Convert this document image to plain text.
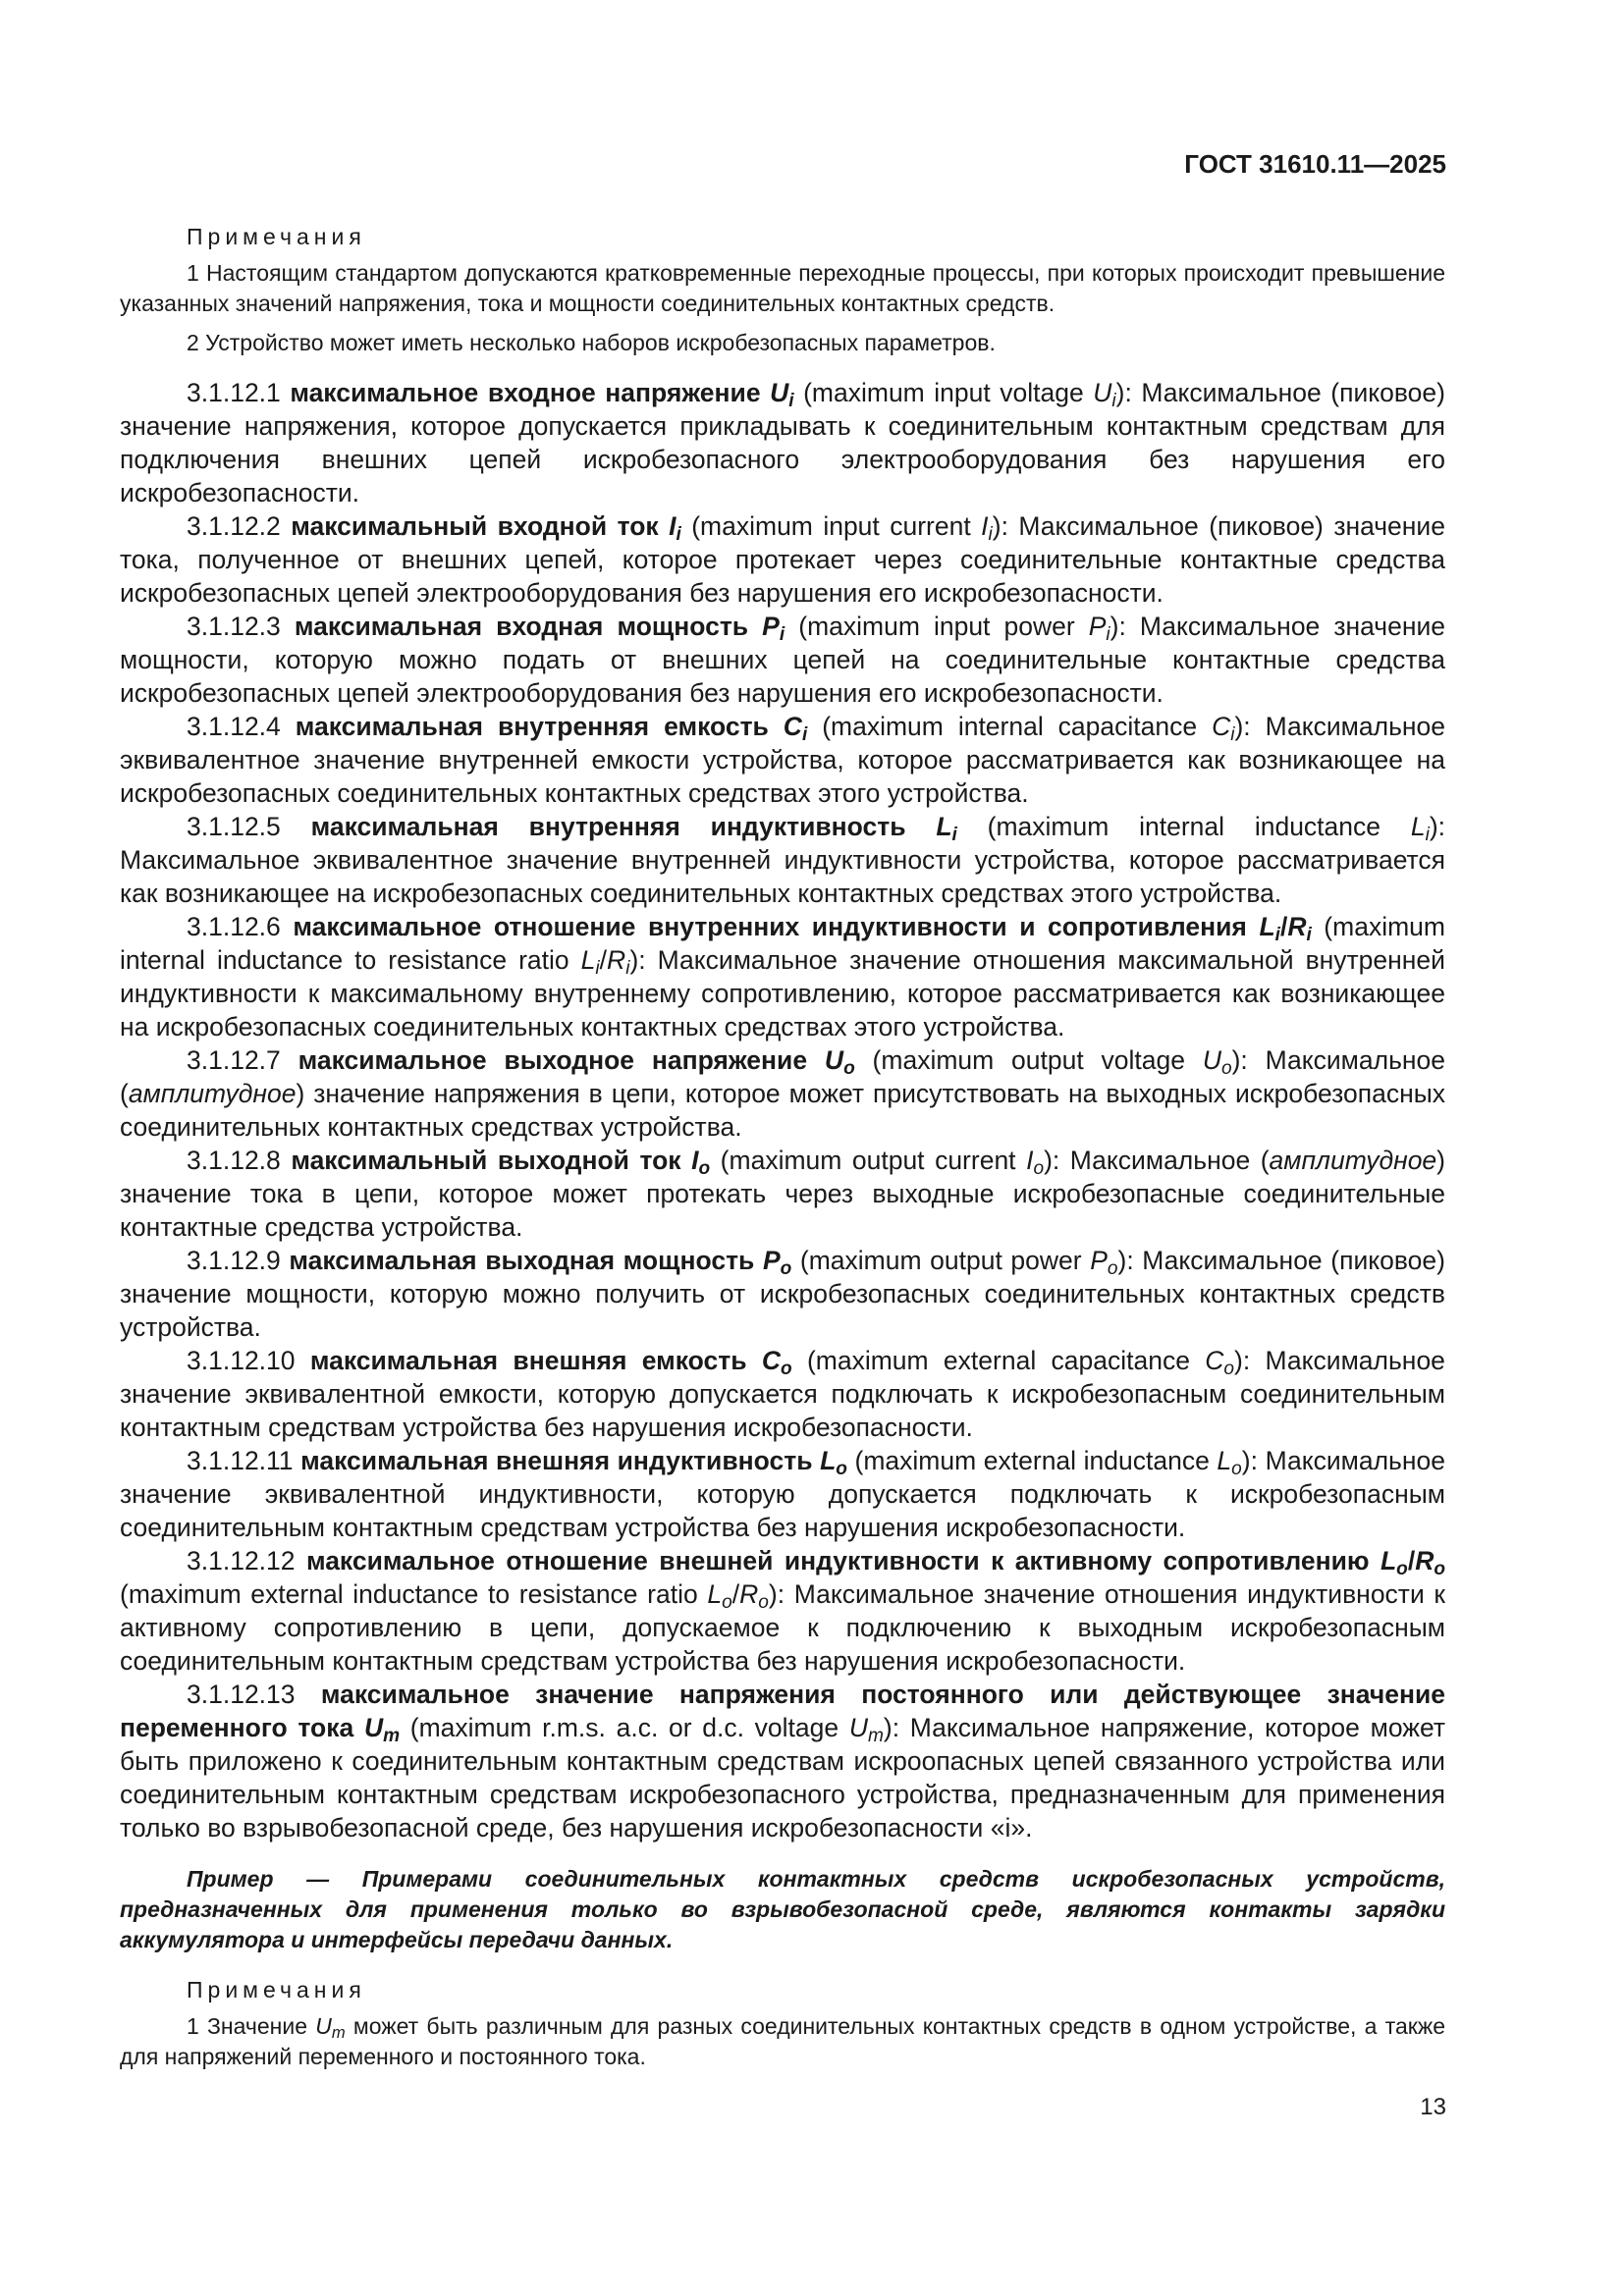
ГОСТ 31610.11—2025
Примечания

1 Настоящим стандартом допускаются кратковременные переходные процессы, при которых происходит превышение указанных значений напряжения, тока и мощности соединительных контактных средств.

2 Устройство может иметь несколько наборов искробезопасных параметров.

3.1.12.1 максимальное входное напряжение $U_i$ (maximum input voltage $U_i$): Максимальное (пиковое) значение напряжения, которое допускается прикладывать к соединительным контактным средствам для подключения внешних цепей искробезопасного электрооборудования без нарушения его искробезопасности.

3.1.12.2 максимальный входной ток $I_i$ (maximum input current $I_i$): Максимальное (пиковое) значение тока, полученное от внешних цепей, которое протекает через соединительные контактные средства искробезопасных цепей электрооборудования без нарушения его искробезопасности.

3.1.12.3 максимальная входная мощность $P_i$ (maximum input power $P_i$): Максимальное значение мощности, которую можно подать от внешних цепей на соединительные контактные средства искробезопасных цепей электрооборудования без нарушения его искробезопасности.

3.1.12.4 максимальная внутренняя емкость $C_i$ (maximum internal capacitance $C_i$): Максимальное эквивалентное значение внутренней емкости устройства, которое рассматривается как возникающее на искробезопасных соединительных контактных средствах этого устройства.

3.1.12.5 максимальная внутренняя индуктивность $L_i$ (maximum internal inductance $L_i$): Максимальное эквивалентное значение внутренней индуктивности устройства, которое рассматривается как возникающее на искробезопасных соединительных контактных средствах этого устройства.

3.1.12.6 максимальное отношение внутренних индуктивности и сопротивления $L_i/R_i$ (maximum internal inductance to resistance ratio $L_i/R_i$): Максимальное значение отношения максимальной внутренней индуктивности к максимальному внутреннему сопротивлению, которое рассматривается как возникающее на искробезопасных соединительных контактных средствах этого устройства.

3.1.12.7 максимальное выходное напряжение $U_o$ (maximum output voltage $U_o$): Максимальное (амплитудное) значение напряжения в цепи, которое может присутствовать на выходных искробезопасных соединительных контактных средствах устройства.

3.1.12.8 максимальный выходной ток $I_o$ (maximum output current $I_o$): Максимальное (амплитудное) значение тока в цепи, которое может протекать через выходные искробезопасные соединительные контактные средства устройства.

3.1.12.9 максимальная выходная мощность $P_o$ (maximum output power $P_o$): Максимальное (пиковое) значение мощности, которую можно получить от искробезопасных соединительных контактных средств устройства.

3.1.12.10 максимальная внешняя емкость $C_o$ (maximum external capacitance $C_o$): Максимальное значение эквивалентной емкости, которую допускается подключать к искробезопасным соединительным контактным средствам устройства без нарушения искробезопасности.

3.1.12.11 максимальная внешняя индуктивность $L_o$ (maximum external inductance $L_o$): Максимальное значение эквивалентной индуктивности, которую допускается подключать к искробезопасным соединительным контактным средствам устройства без нарушения искробезопасности.

3.1.12.12 максимальное отношение внешней индуктивности к активному сопротивлению $L_o/R_o$ (maximum external inductance to resistance ratio $L_o/R_o$): Максимальное значение отношения индуктивности к активному сопротивлению в цепи, допускаемое к подключению к выходным искробезопасным соединительным контактным средствам устройства без нарушения искробезопасности.

3.1.12.13 максимальное значение напряжения постоянного или действующее значение переменного тока $U_m$ (maximum r.m.s. a.c. or d.c. voltage $U_m$): Максимальное напряжение, которое может быть приложено к соединительным контактным средствам искроопасных цепей связанного устройства или соединительным контактным средствам искробезопасного устройства, предназначенным для применения только во взрывобезопасной среде, без нарушения искробезопасности «i».

Пример — Примерами соединительных контактных средств искробезопасных устройств, предназначенных для применения только во взрывобезопасной среде, являются контакты зарядки аккумулятора и интерфейсы передачи данных.

Примечания

1 Значение $U_m$ может быть различным для разных соединительных контактных средств в одном устройстве, а также для напряжений переменного и постоянного тока.

13
